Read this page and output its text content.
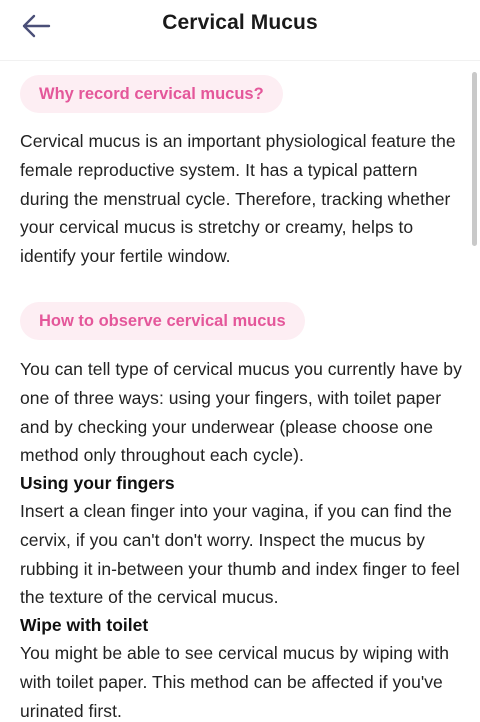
Cervical Mucus
Why record cervical mucus?

Cervical mucus is an important physiological feature the female reproductive system. It has a typical pattern during the menstrual cycle. Therefore, tracking whether your cervical mucus is stretchy or creamy, helps to identify your fertile window.

How to observe cervical mucus

You can tell type of cervical mucus you currently have by one of three ways: using your fingers, with toilet paper and by checking your underwear (please choose one method only throughout each cycle).

Using your fingers

Insert a clean finger into your vagina, if you can find the cervix, if you can't don't worry. Inspect the mucus by rubbing it in-between your thumb and index finger to feel the texture of the cervical mucus.

Wipe with toilet

You might be able to see cervical mucus by wiping with with toilet paper. This method can be affected if you've urinated first.
